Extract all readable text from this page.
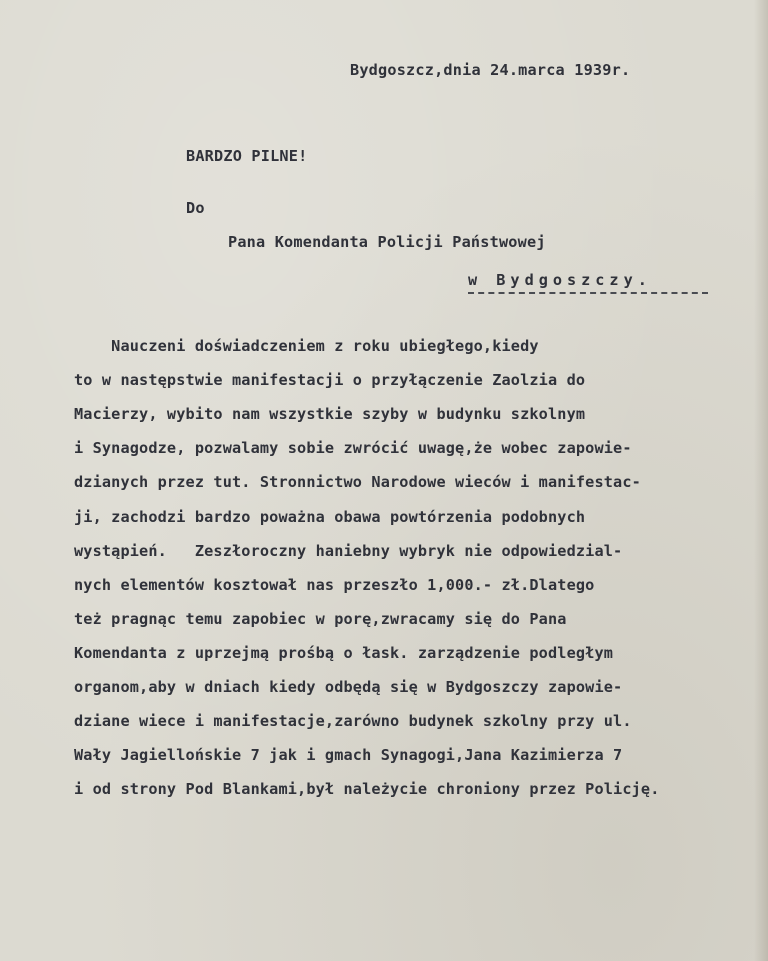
Bydgoszcz,dnia 24.marca 1939r.
BARDZO PILNE!
Do
Pana Komendanta Policji Państwowej
w Bydgoszczy.
Nauczeni doświadczeniem z roku ubiegłego,kiedy
to w następstwie manifestacji o przyłączenie Zaolzia do
Macierzy, wybito nam wszystkie szyby w budynku szkolnym
i Synagodze, pozwalamy sobie zwrócić uwagę,że wobec zapowie-
dzianych przez tut. Stronnictwo Narodowe wieców i manifestac-
ji, zachodzi bardzo poważna obawa powtórzenia podobnych
wystąpień.   Zeszłoroczny haniebny wybryk nie odpowiedzial-
nych elementów kosztował nas przeszło 1,000.- zł.Dlatego
też pragnąc temu zapobiec w porę,zwracamy się do Pana
Komendanta z uprzejmą prośbą o łask. zarządzenie podległym
organom,aby w dniach kiedy odbędą się w Bydgoszczy zapowie-
dziane wiece i manifestacje,zarówno budynek szkolny przy ul.
Wały Jagiellońskie 7 jak i gmach Synagogi,Jana Kazimierza 7
i od strony Pod Blankami,był należycie chroniony przez Policję.
